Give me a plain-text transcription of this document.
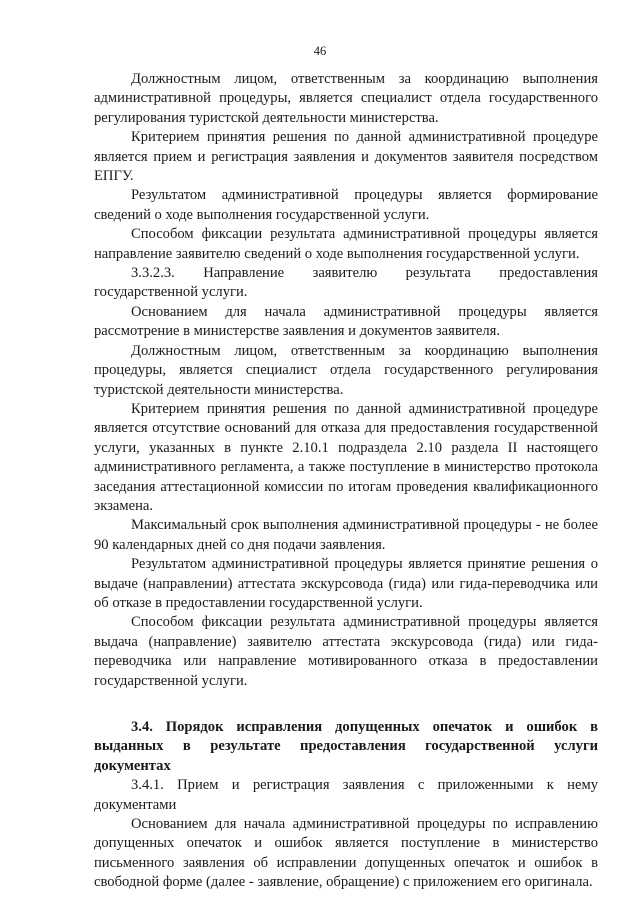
46

Должностным лицом, ответственным за координацию выполнения административной процедуры, является специалист отдела государственного регулирования туристской деятельности министерства.

Критерием принятия решения по данной административной процедуре является прием и регистрация заявления и документов заявителя посредством ЕПГУ.

Результатом административной процедуры является формирование сведений о ходе выполнения государственной услуги.

Способом фиксации результата административной процедуры является направление заявителю сведений о ходе выполнения государственной услуги.

3.3.2.3. Направление заявителю результата предоставления государственной услуги.

Основанием для начала административной процедуры является рассмотрение в министерстве заявления и документов заявителя.

Должностным лицом, ответственным за координацию выполнения процедуры, является специалист отдела государственного регулирования туристской деятельности министерства.

Критерием принятия решения по данной административной процедуре является отсутствие оснований для отказа для предоставления государственной услуги, указанных в пункте 2.10.1 подраздела 2.10 раздела II настоящего административного регламента, а также поступление в министерство протокола заседания аттестационной комиссии по итогам проведения квалификационного экзамена.

Максимальный срок выполнения административной процедуры - не более 90 календарных дней со дня подачи заявления.

Результатом административной процедуры является принятие решения о выдаче (направлении) аттестата экскурсовода (гида) или гида-переводчика или об отказе в предоставлении государственной услуги.

Способом фиксации результата административной процедуры является выдача (направление) заявителю аттестата экскурсовода (гида) или гида-переводчика или направление мотивированного отказа в предоставлении государственной услуги.

3.4. Порядок исправления допущенных опечаток и ошибок в выданных в результате предоставления государственной услуги документах

3.4.1. Прием и регистрация заявления с приложенными к нему документами

Основанием для начала административной процедуры по исправлению допущенных опечаток и ошибок является поступление в министерство письменного заявления об исправлении допущенных опечаток и ошибок в свободной форме (далее - заявление, обращение) с приложением его оригинала.
